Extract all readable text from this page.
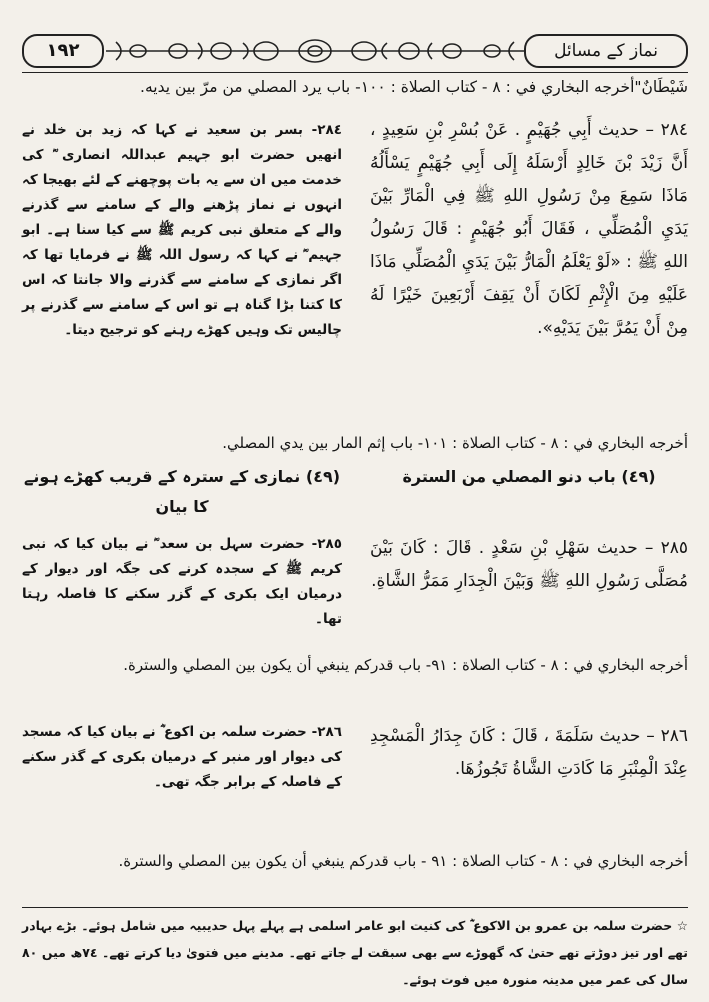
١٩٢	نماز کے مسائل
شَيْطَانٌ"أخرجه البخاري في : ٨ - كتاب الصلاة : ١٠٠- باب يرد المصلي من مرّ بين يديه.
٢٨٤ – حديث أَبِي جُهَيْمٍ . عَنْ بُسْرِ بْنِ سَعِيدٍ ، أَنَّ زَيْدَ بْنَ خَالِدٍ أَرْسَلَهُ إِلَى أَبِي جُهَيْمٍ يَسْأَلُهُ مَاذَا سَمِعَ مِنْ رَسُولِ اللهِ ﷺ فِي الْمَارِّ بَيْنَ يَدَيِ الْمُصَلِّي ، فَقَالَ أَبُو جُهَيْمٍ : قَالَ رَسُولُ اللهِ ﷺ : «لَوْ يَعْلَمُ الْمَارُّ بَيْنَ يَدَيِ الْمُصَلِّي مَاذَا عَلَيْهِ مِنَ الْإِثْمِ لَكَانَ أَنْ يَقِفَ أَرْبَعِينَ خَيْرًا لَهُ مِنْ أَنْ يَمُرَّ بَيْنَ يَدَيْهِ».
٢٨٤- بسر بن سعید نے کہا کہ زید بن خلد نے انھیں حضرت ابو جہیم عبداللہ انصاری ؓ کی خدمت میں ان سے یہ بات پوچھنے کے لئے بھیجا کہ انہوں نے نماز پڑھنے والے کے سامنے سے گذرنے والے کے متعلق نبی کریم ﷺ سے کیا سنا ہے۔ ابو جہیم ؓ نے کہا کہ رسول اللہ ﷺ نے فرمایا تھا کہ اگر نمازی کے سامنے سے گذرنے والا جانتا کہ اس کا کتنا بڑا گناہ ہے تو اس کے سامنے سے گذرنے پر چالیس تک وہیں کھڑے رہنے کو ترجیح دیتا۔
أخرجه البخاري في : ٨ - كتاب الصلاة : ١٠١- باب إثم المار بين يدي المصلي.
(٤٩) باب دنو المصلي من السترة
(٤٩) نمازی کے سترہ کے قریب کھڑے ہونے کا بیان
٢٨٥ – حديث سَهْلِ بْنِ سَعْدٍ . قَالَ : كَانَ بَيْنَ مُصَلَّى رَسُولِ اللهِ ﷺ وَبَيْنَ الْجِدَارِ مَمَرُّ الشَّاةِ.
٢٨٥- حضرت سہل بن سعد ؓ نے بیان کیا کہ نبی کریم ﷺ کے سجدہ کرنے کی جگہ اور دیوار کے درمیان ایک بکری کے گزر سکنے کا فاصلہ رہتا تھا۔
أخرجه البخاري في : ٨ - كتاب الصلاة : ٩١- باب قدركم ينبغي أن يكون بين المصلي والسترة.
٢٨٦ – حديث سَلَمَةَ ، قَالَ : كَانَ جِدَارُ الْمَسْجِدِ عِنْدَ الْمِنْبَرِ مَا كَادَتِ الشَّاةُ تَجُوزُهَا.
٢٨٦- حضرت سلمہ بن اکوع ؓ نے بیان کیا کہ مسجد کی دیوار اور منبر کے درمیان بکری کے گذر سکنے کے فاصلہ کے برابر جگہ تھی۔
أخرجه البخاري في : ٨ - كتاب الصلاة : ٩١ - باب قدركم ينبغي أن يكون بين المصلي والسترة.
☆ حضرت سلمہ بن عمرو بن الاکوع ؓ کی کنیت ابو عامر اسلمی ہے پہلے پہل حدیبیہ میں شامل ہوئے۔ بڑے بہادر تھے اور تیز دوڑتے تھے حتیٰ کہ گھوڑے سے بھی سبقت لے جاتے تھے۔ مدینے میں فتویٰ دیا کرتے تھے۔ ٧٤ھ میں ٨٠ سال کی عمر میں مدینہ منورہ میں فوت ہوئے۔
